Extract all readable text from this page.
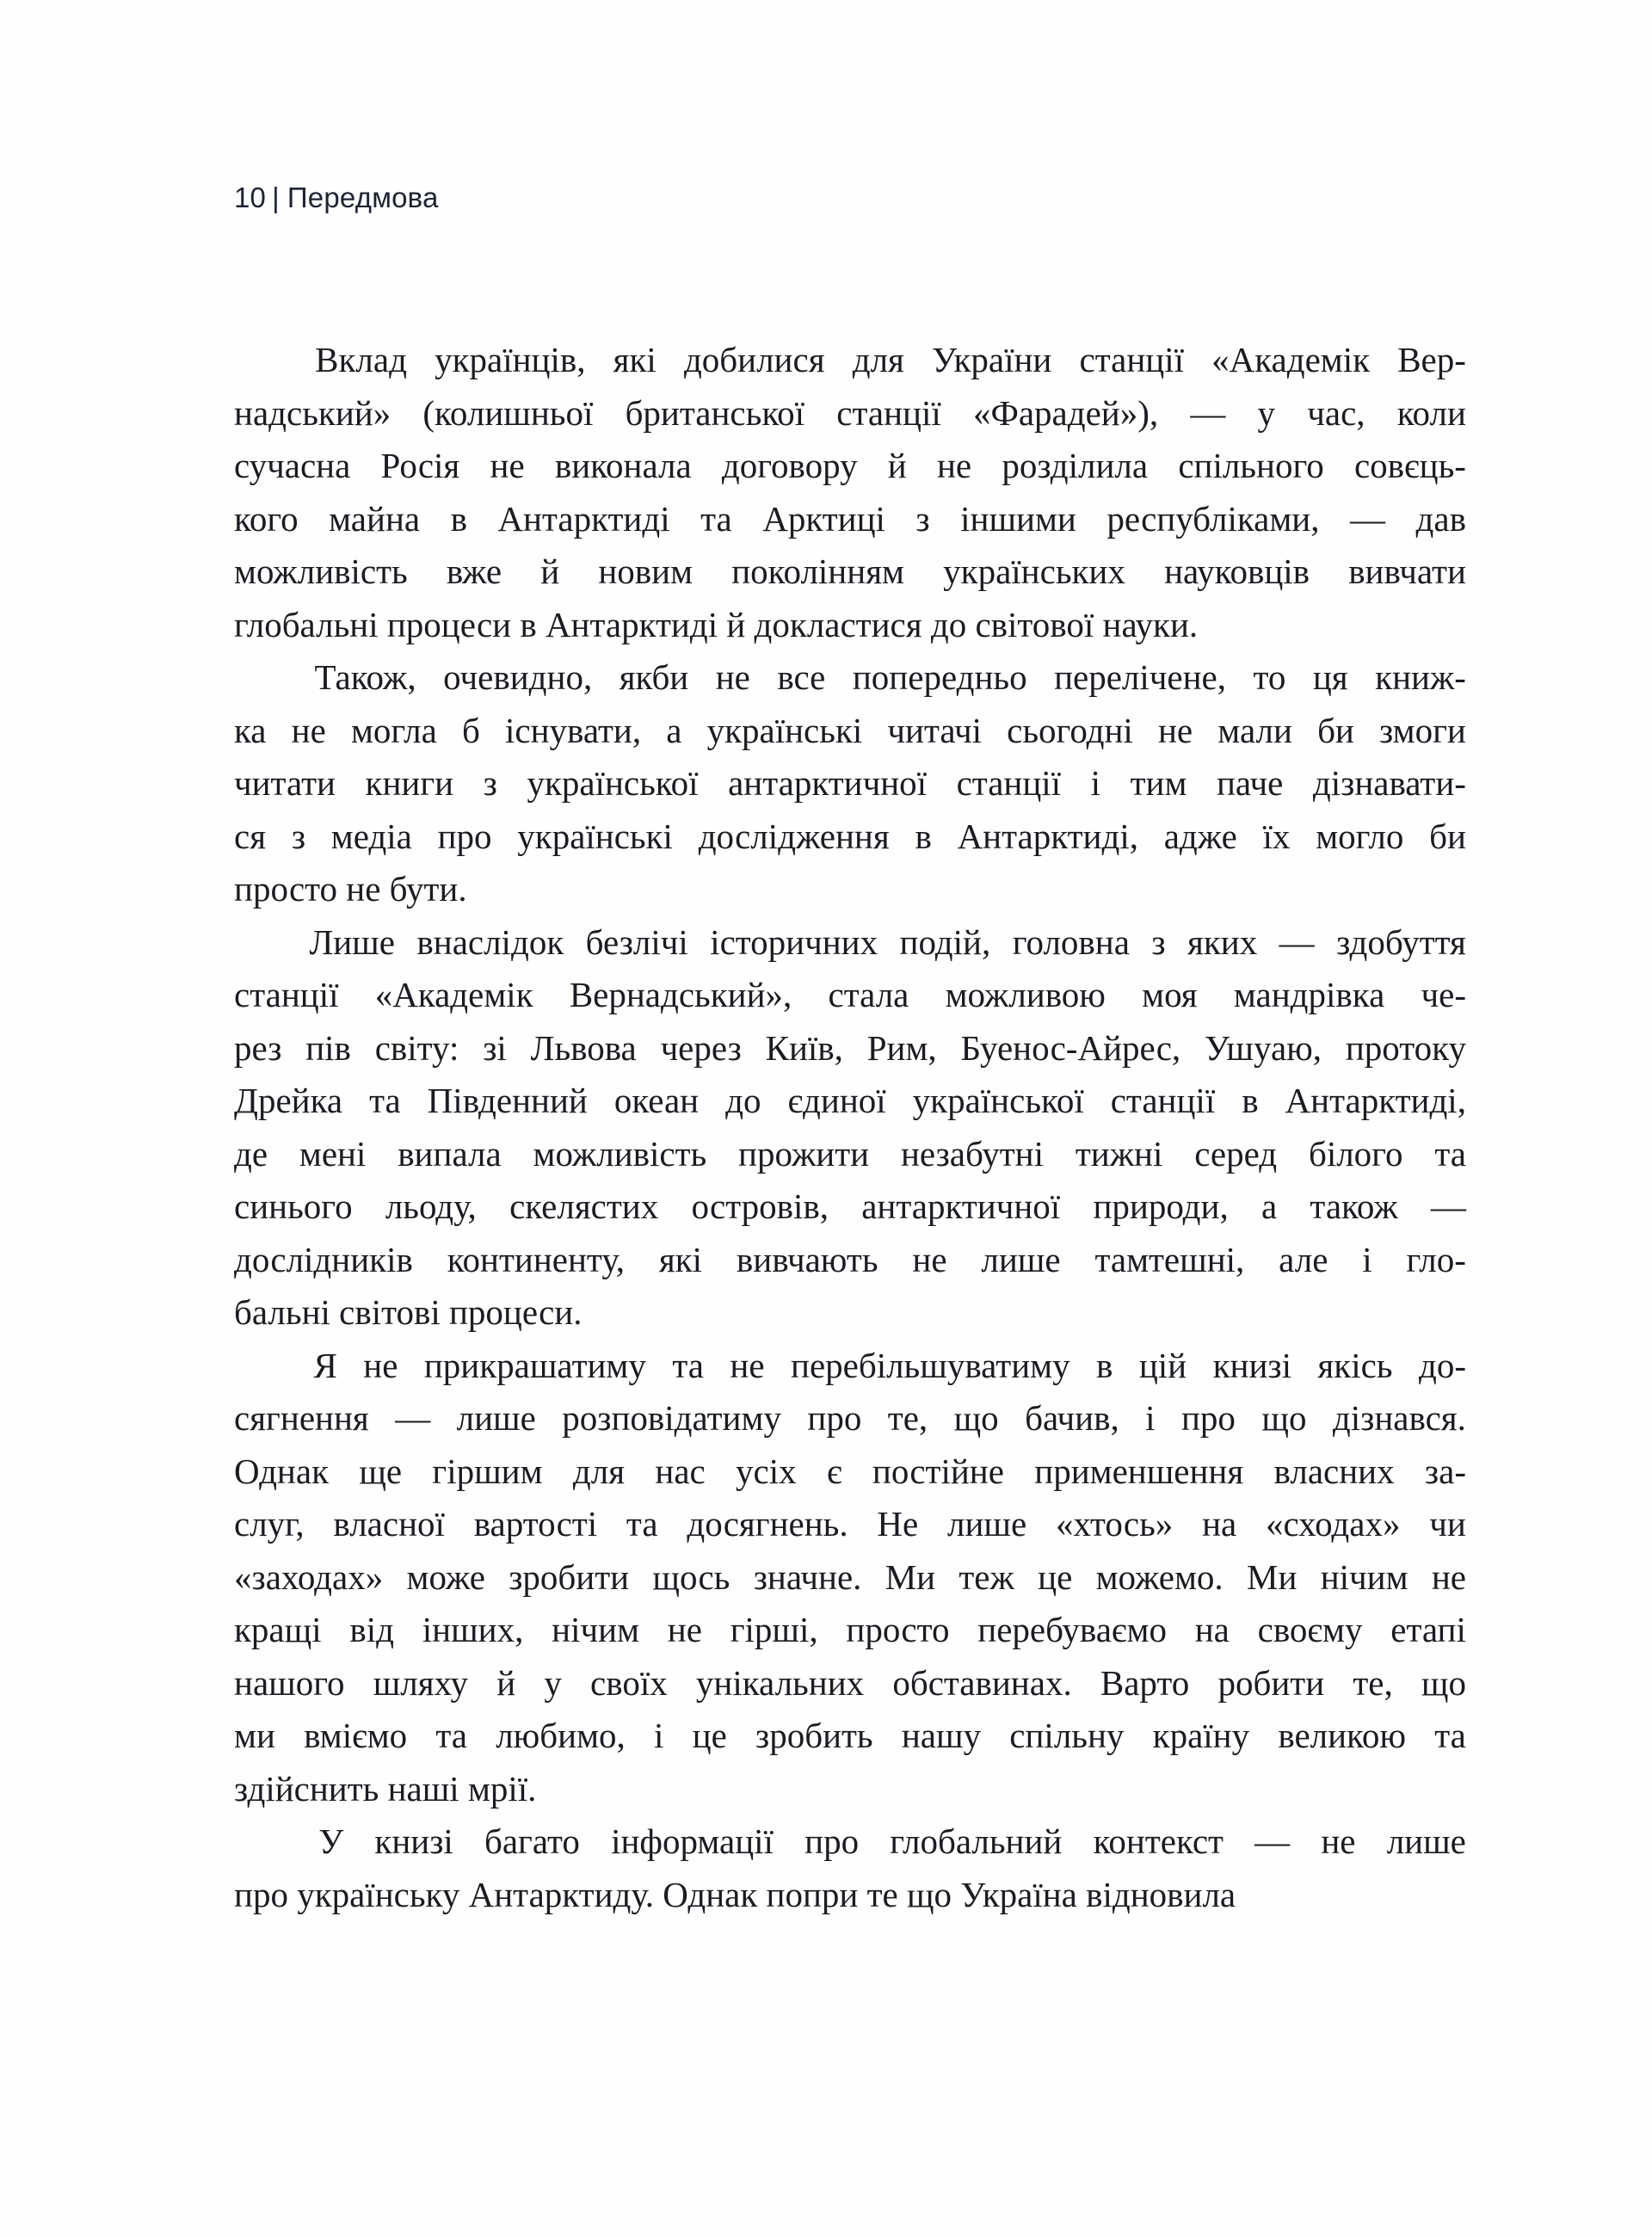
10 | Передмова

Вклад українців, які добилися для України станції «Академік Вер-
надський» (колишньої британської станції «Фарадей»), — у час, коли
сучасна Росія не виконала договору й не розділила спільного совєць-
кого майна в Антарктиді та Арктиці з іншими республіками, — дав
можливість вже й новим поколінням українських науковців вивчати
глобальні процеси в Антарктиді й докластися до світової науки.

Також, очевидно, якби не все попередньо перелічене, то ця книж-
ка не могла б існувати, а українські читачі сьогодні не мали би змоги
читати книги з української антарктичної станції і тим паче дізнавати-
ся з медіа про українські дослідження в Антарктиді, адже їх могло би
просто не бути.

Лише внаслідок безлічі історичних подій, головна з яких — здобуття
станції «Академік Вернадський», стала можливою моя мандрівка че-
рез пів світу: зі Львова через Київ, Рим, Буенос-Айрес, Ушуаю, протоку
Дрейка та Південний океан до єдиної української станції в Антарктиді,
де мені випала можливість прожити незабутні тижні серед білого та
синього льоду, скелястих островів, антарктичної природи, а також —
дослідників континенту, які вивчають не лише тамтешні, але і гло-
бальні світові процеси.

Я не прикрашатиму та не перебільшуватиму в цій книзі якісь до-
сягнення — лише розповідатиму про те, що бачив, і про що дізнався.
Однак ще гіршим для нас усіх є постійне применшення власних за-
слуг, власної вартості та досягнень. Не лише «хтось» на «сходах» чи
«заходах» може зробити щось значне. Ми теж це можемо. Ми нічим не
кращі від інших, нічим не гірші, просто перебуваємо на своєму етапі
нашого шляху й у своїх унікальних обставинах. Варто робити те, що
ми вміємо та любимо, і це зробить нашу спільну країну великою та
здійснить наші мрії.

У книзі багато інформації про глобальний контекст — не лише
про українську Антарктиду. Однак попри те що Україна відновила
